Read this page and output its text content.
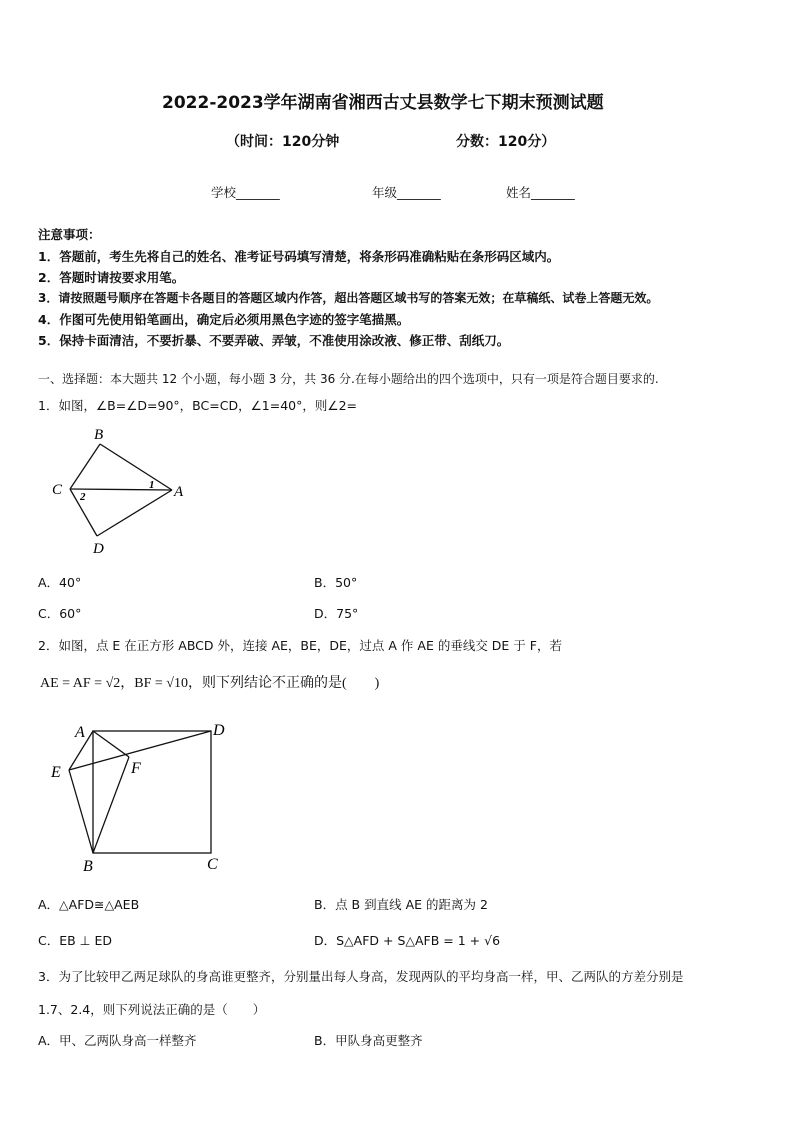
2022-2023学年湖南省湘西古丈县数学七下期末预测试题
（时间：120分钟	分数：120分）
学校_______	年级_______	姓名_______
注意事项：
1．答题前，考生先将自己的姓名、准考证号码填写清楚，将条形码准确粘贴在条形码区域内。
2．答题时请按要求用笔。
3．请按照题号顺序在答题卡各题目的答题区域内作答，超出答题区域书写的答案无效；在草稿纸、试卷上答题无效。
4．作图可先使用铅笔画出，确定后必须用黑色字迹的签字笔描黑。
5．保持卡面清洁，不要折暴、不要弄破、弄皱，不准使用涂改液、修正带、刮纸刀。
一、选择题：本大题共 12 个小题，每小题 3 分，共 36 分.在每小题给出的四个选项中，只有一项是符合题目要求的.
1．如图，∠B=∠D=90°，BC=CD，∠1=40°，则∠2=
B
C	A
D
1
2
A．40°	B．50°
C．60°	D．75°
2．如图，点 E 在正方形 ABCD 外，连接 AE，BE，DE，过点 A 作 AE 的垂线交 DE 于 F，若
AE = AF = √2，BF = √10，则下列结论不正确的是(　　)
A	D
E	F
B	C
A．△AFD≅△AEB	B．点 B 到直线 AE 的距离为 2
C．EB ⊥ ED	D．S△AFD + S△AFB = 1 + √6
3．为了比较甲乙两足球队的身高谁更整齐，分别量出每人身高，发现两队的平均身高一样，甲、乙两队的方差分别是
1.7、2.4，则下列说法正确的是（　　）
A．甲、乙两队身高一样整齐	B．甲队身高更整齐
